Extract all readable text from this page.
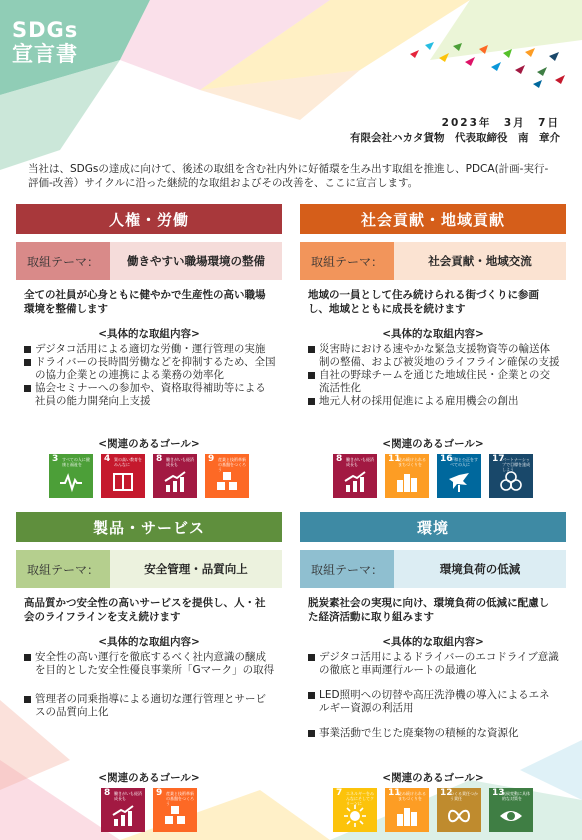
SDGs
宣言書
2023年　3月　7日
有限会社ハカタ貨物　代表取締役　南　章介
当社は、SDGsの達成に向けて、後述の取組を含む社内外に好循環を生み出す取組を推進し、PDCA(計画-実行-評価-改善）サイクルに沿った継続的な取組およびその改善を、ここに宣言します。
人権・労働
取組テーマ：	働きやすい職場環境の整備
全ての社員が心身ともに健やかで生産性の高い職場環境を整備します
<具体的な取組内容>
デジタコ活用による適切な労働・運行管理の実施
ドライバーの長時間労働などを抑制するため、全国の協力企業との連携による業務の効率化
協会セミナーへの参加や、資格取得補助等による社員の能力開発向上支援
<関連のあるゴール>
3 すべての人に健康と福祉を
4 質の高い教育をみんなに
8 働きがいも経済成長も
9 産業と技術革新の基盤をつくろう
社会貢献・地域貢献
取組テーマ：	社会貢献・地域交流
地域の一員として住み続けられる街づくりに参画し、地域とともに成長を続けます
<具体的な取組内容>
災害時における速やかな緊急支援物資等の輸送体制の整備、および被災地のライフライン確保の支援
自社の野球チームを通じた地域住民・企業との交流活性化
地元人材の採用促進による雇用機会の創出
<関連のあるゴール>
8 働きがいも経済成長も
11
住み続けられるまちづくりを
16
平和と公正をすべての人に
17
パートナーシップで目標を達成しよう
製品・サービス
取組テーマ：	安全管理・品質向上
高品質かつ安全性の高いサービスを提供し、人・社会のライフラインを支え続けます
<具体的な取組内容>
安全性の高い運行を徹底するべく社内意識の醸成を目的とした安全性優良事業所「Gマーク」の取得
管理者の同乗指導による適切な運行管理とサービスの品質向上化
<関連のあるゴール>
8 働きがいも経済成長も
9 産業と技術革新の基盤をつくろう
環境
取組テーマ：	環境負荷の低減
脱炭素社会の実現に向け、環境負荷の低減に配慮した経済活動に取り組みます
<具体的な取組内容>
デジタコ活用によるドライバーのエコドライブ意識の徹底と車両運行ルートの最適化
LED照明への切替や高圧洗浄機の導入によるエネルギー資源の利活用
事業活動で生じた廃棄物の積極的な資源化
<関連のあるゴール>
7 エネルギーをみんなにそしてクリーンに
11
住み続けられるまちづくりを
12
つくる責任つかう責任
13
気候変動に具体的な対策を
